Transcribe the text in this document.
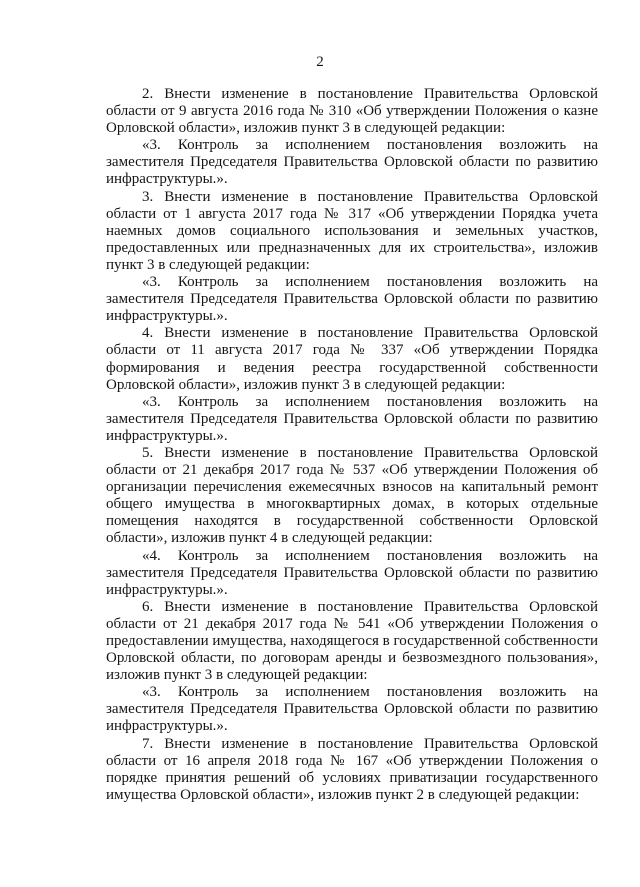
2

2. Внести изменение в постановление Правительства Орловской области от 9 августа 2016 года № 310 «Об утверждении Положения о казне Орловской области», изложив пункт 3 в следующей редакции:

«3. Контроль за исполнением постановления возложить на заместителя Председателя Правительства Орловской области по развитию инфраструктуры.».

3. Внести изменение в постановление Правительства Орловской области от 1 августа 2017 года № 317 «Об утверждении Порядка учета наемных домов социального использования и земельных участков, предоставленных или предназначенных для их строительства», изложив пункт 3 в следующей редакции:

«3. Контроль за исполнением постановления возложить на заместителя Председателя Правительства Орловской области по развитию инфраструктуры.».

4. Внести изменение в постановление Правительства Орловской области от 11 августа 2017 года № 337 «Об утверждении Порядка формирования и ведения реестра государственной собственности Орловской области», изложив пункт 3 в следующей редакции:

«3. Контроль за исполнением постановления возложить на заместителя Председателя Правительства Орловской области по развитию инфраструктуры.».

5. Внести изменение в постановление Правительства Орловской области от 21 декабря 2017 года № 537 «Об утверждении Положения об организации перечисления ежемесячных взносов на капитальный ремонт общего имущества в многоквартирных домах, в которых отдельные помещения находятся в государственной собственности Орловской области», изложив пункт 4 в следующей редакции:

«4. Контроль за исполнением постановления возложить на заместителя Председателя Правительства Орловской области по развитию инфраструктуры.».

6. Внести изменение в постановление Правительства Орловской области от 21 декабря 2017 года № 541 «Об утверждении Положения о предоставлении имущества, находящегося в государственной собственности Орловской области, по договорам аренды и безвозмездного пользования», изложив пункт 3 в следующей редакции:

«3. Контроль за исполнением постановления возложить на заместителя Председателя Правительства Орловской области по развитию инфраструктуры.».

7. Внести изменение в постановление Правительства Орловской области от 16 апреля 2018 года № 167 «Об утверждении Положения о порядке принятия решений об условиях приватизации государственного имущества Орловской области», изложив пункт 2 в следующей редакции:
